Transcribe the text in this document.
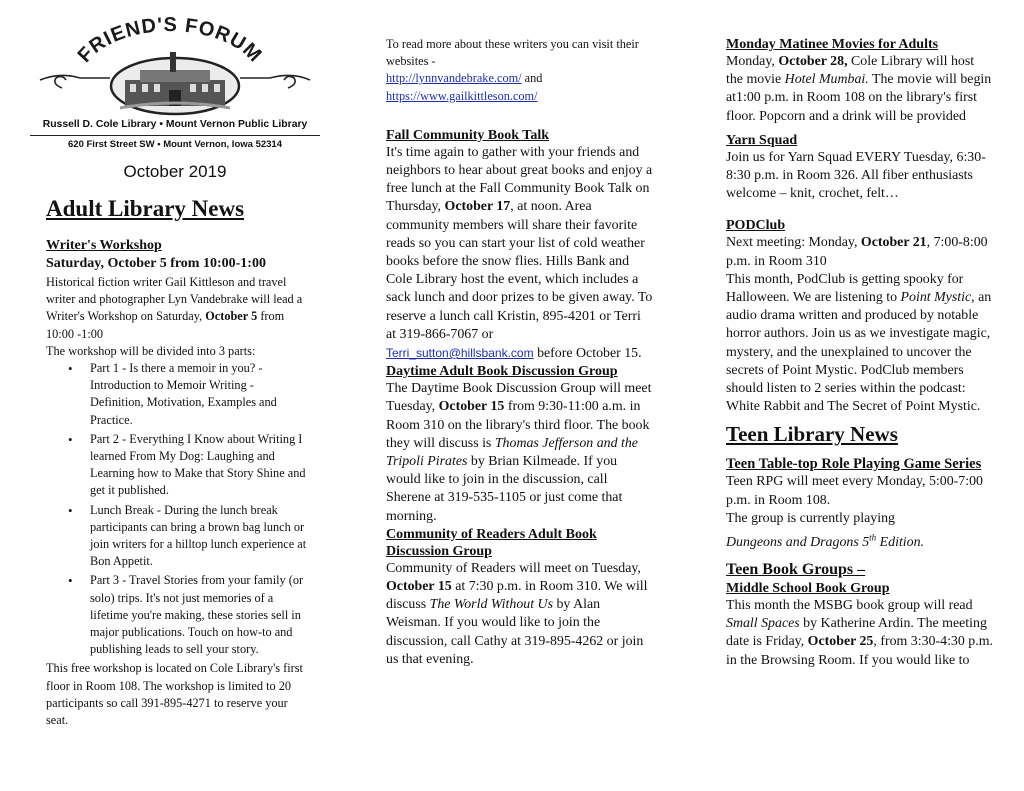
FRIEND'S FORUM
Russell D. Cole Library • Mount Vernon Public Library
620 First Street SW • Mount Vernon, Iowa 52314
October 2019
Adult Library News
Writer's Workshop
Saturday, October 5 from 10:00-1:00
Historical fiction writer Gail Kittleson and travel writer and photographer Lyn Vandebrake will lead a Writer's Workshop on Saturday, October 5 from 10:00 -1:00
The workshop will be divided into 3 parts:
• Part 1 - Is there a memoir in you? - Introduction to Memoir Writing - Definition, Motivation, Examples and Practice.
• Part 2 - Everything I Know about Writing I learned From My Dog: Laughing and Learning how to Make that Story Shine and get it published.
• Lunch Break - During the lunch break participants can bring a brown bag lunch or join writers for a hilltop lunch experience at Bon Appetit.
• Part 3 - Travel Stories from your family (or solo) trips. It's not just memories of a lifetime you're making, these stories sell in major publications. Touch on how-to and publishing leads to sell your story.
This free workshop is located on Cole Library's first floor in Room 108. The workshop is limited to 20 participants so call 391-895-4271 to reserve your seat.
To read more about these writers you can visit their websites -
http://lynnvandebrake.com/ and
https://www.gailkittleson.com/
Fall Community Book Talk
It's time again to gather with your friends and neighbors to hear about great books and enjoy a free lunch at the Fall Community Book Talk on Thursday, October 17, at noon. Area community members will share their favorite reads so you can start your list of cold weather books before the snow flies. Hills Bank and Cole Library host the event, which includes a sack lunch and door prizes to be given away. To reserve a lunch call Kristin, 895-4201 or Terri at 319-866-7067 or
Terri_sutton@hillsbank.com before October 15.
Daytime Adult Book Discussion Group
The Daytime Book Discussion Group will meet Tuesday, October 15 from 9:30-11:00 a.m. in Room 310 on the library's third floor. The book they will discuss is Thomas Jefferson and the Tripoli Pirates by Brian Kilmeade. If you would like to join in the discussion, call Sherene at 319-535-1105 or just come that morning.
Community of Readers Adult Book Discussion Group
Community of Readers will meet on Tuesday, October 15 at 7:30 p.m. in Room 310. We will discuss The World Without Us by Alan Weisman. If you would like to join the discussion, call Cathy at 319-895-4262 or join us that evening.
Monday Matinee Movies for Adults
Monday, October 28, Cole Library will host the movie Hotel Mumbai. The movie will begin at1:00 p.m. in Room 108 on the library's first floor. Popcorn and a drink will be provided
Yarn Squad
Join us for Yarn Squad EVERY Tuesday, 6:30-8:30 p.m. in Room 326. All fiber enthusiasts welcome – knit, crochet, felt…
PODClub
Next meeting: Monday, October 21, 7:00-8:00 p.m. in Room 310
This month, PodClub is getting spooky for Halloween. We are listening to Point Mystic, an audio drama written and produced by notable horror authors. Join us as we investigate magic, mystery, and the unexplained to uncover the secrets of Point Mystic. PodClub members should listen to 2 series within the podcast: White Rabbit and The Secret of Point Mystic.
Teen Library News
Teen Table-top Role Playing Game Series
Teen RPG will meet every Monday, 5:00-7:00 p.m. in Room 108.
The group is currently playing
Dungeons and Dragons 5th Edition.
Teen Book Groups –
Middle School Book Group
This month the MSBG book group will read Small Spaces by Katherine Ardin. The meeting date is Friday, October 25, from 3:30-4:30 p.m. in the Browsing Room. If you would like to
